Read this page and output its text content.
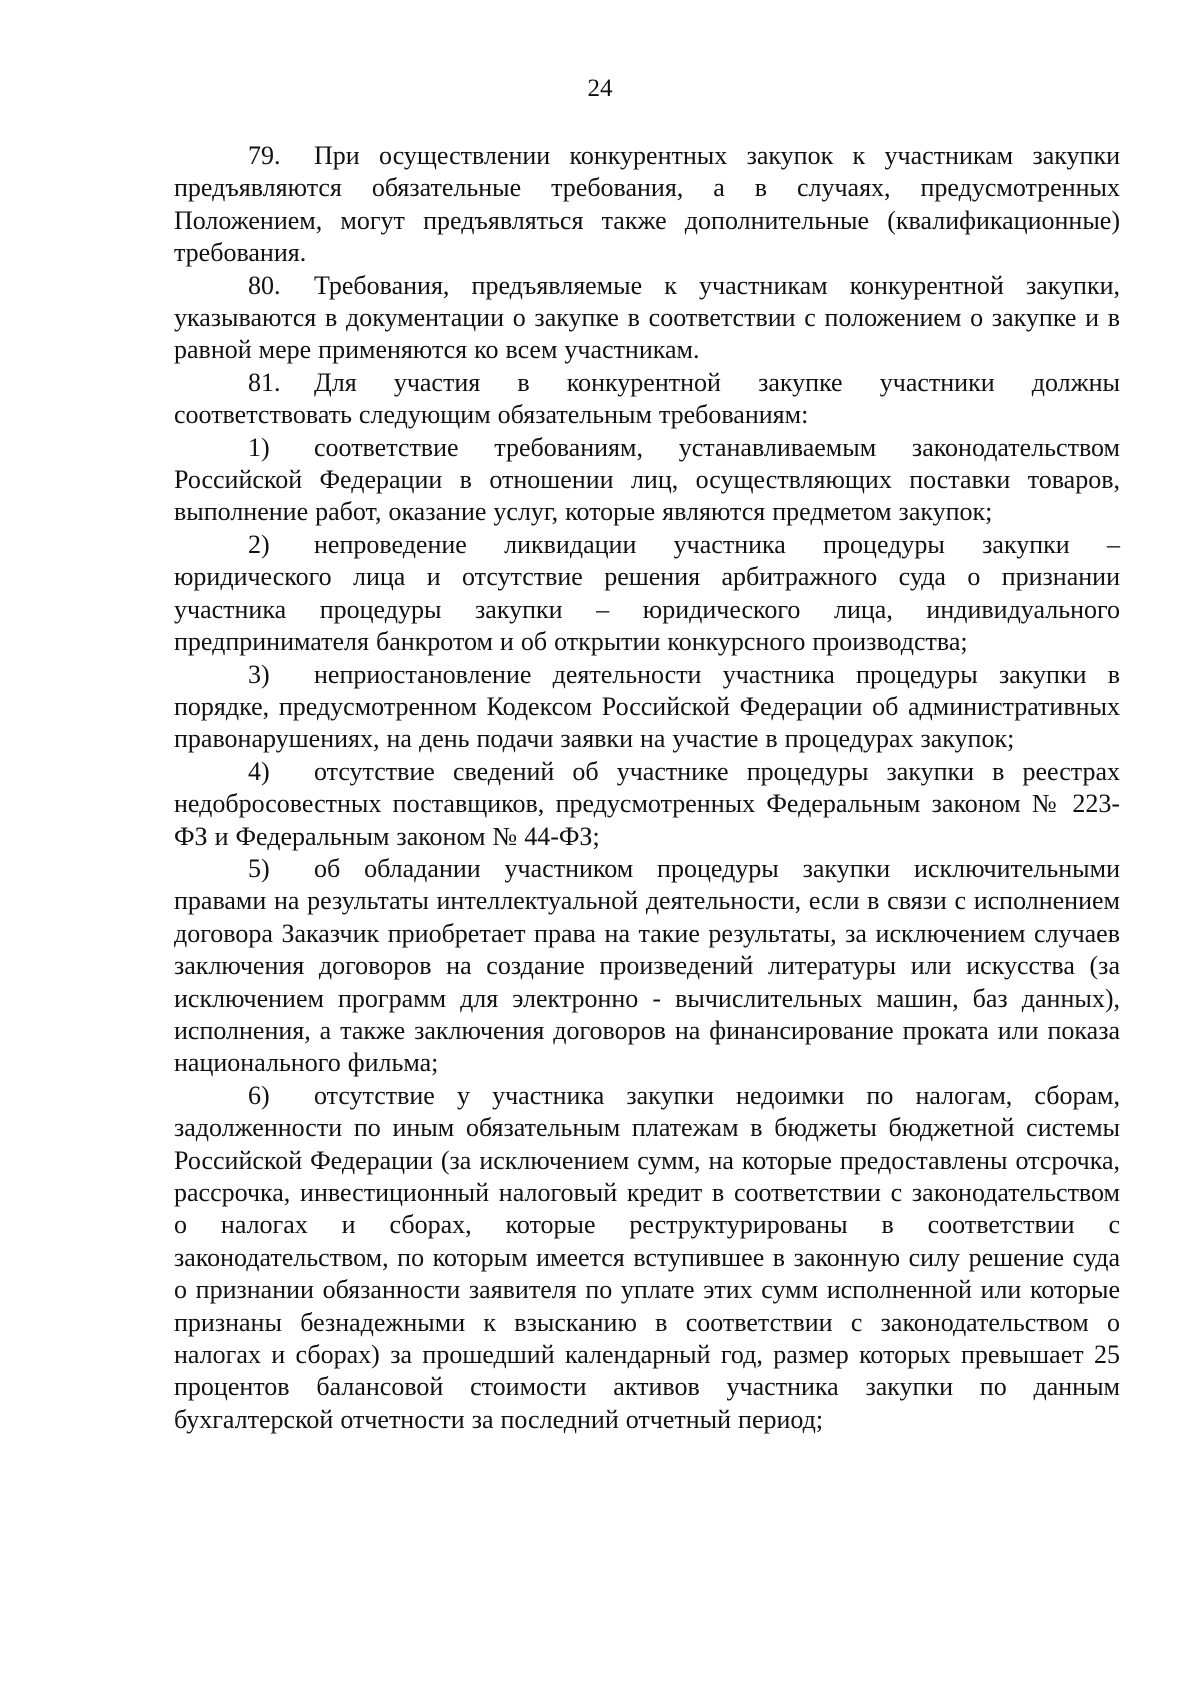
24

79. При осуществлении конкурентных закупок к участникам закупки предъявляются обязательные требования, а в случаях, предусмотренных Положением, могут предъявляться также дополнительные (квалификационные) требования.

80. Требования, предъявляемые к участникам конкурентной закупки, указываются в документации о закупке в соответствии с положением о закупке и в равной мере применяются ко всем участникам.

81. Для участия в конкурентной закупке участники должны соответствовать следующим обязательным требованиям:

1) соответствие требованиям, устанавливаемым законодательством Российской Федерации в отношении лиц, осуществляющих поставки товаров, выполнение работ, оказание услуг, которые являются предметом закупок;

2) непроведение ликвидации участника процедуры закупки – юридического лица и отсутствие решения арбитражного суда о признании участника процедуры закупки – юридического лица, индивидуального предпринимателя банкротом и об открытии конкурсного производства;

3) неприостановление деятельности участника процедуры закупки в порядке, предусмотренном Кодексом Российской Федерации об административных правонарушениях, на день подачи заявки на участие в процедурах закупок;

4) отсутствие сведений об участнике процедуры закупки в реестрах недобросовестных поставщиков, предусмотренных Федеральным законом № 223-ФЗ и Федеральным законом № 44-ФЗ;

5) об обладании участником процедуры закупки исключительными правами на результаты интеллектуальной деятельности, если в связи с исполнением договора Заказчик приобретает права на такие результаты, за исключением случаев заключения договоров на создание произведений литературы или искусства (за исключением программ для электронно - вычислительных машин, баз данных), исполнения, а также заключения договоров на финансирование проката или показа национального фильма;

6) отсутствие у участника закупки недоимки по налогам, сборам, задолженности по иным обязательным платежам в бюджеты бюджетной системы Российской Федерации (за исключением сумм, на которые предоставлены отсрочка, рассрочка, инвестиционный налоговый кредит в соответствии с законодательством о налогах и сборах, которые реструктурированы в соответствии с законодательством, по которым имеется вступившее в законную силу решение суда о признании обязанности заявителя по уплате этих сумм исполненной или которые признаны безнадежными к взысканию в соответствии с законодательством о налогах и сборах) за прошедший календарный год, размер которых превышает 25 процентов балансовой стоимости активов участника закупки по данным бухгалтерской отчетности за последний отчетный период;
